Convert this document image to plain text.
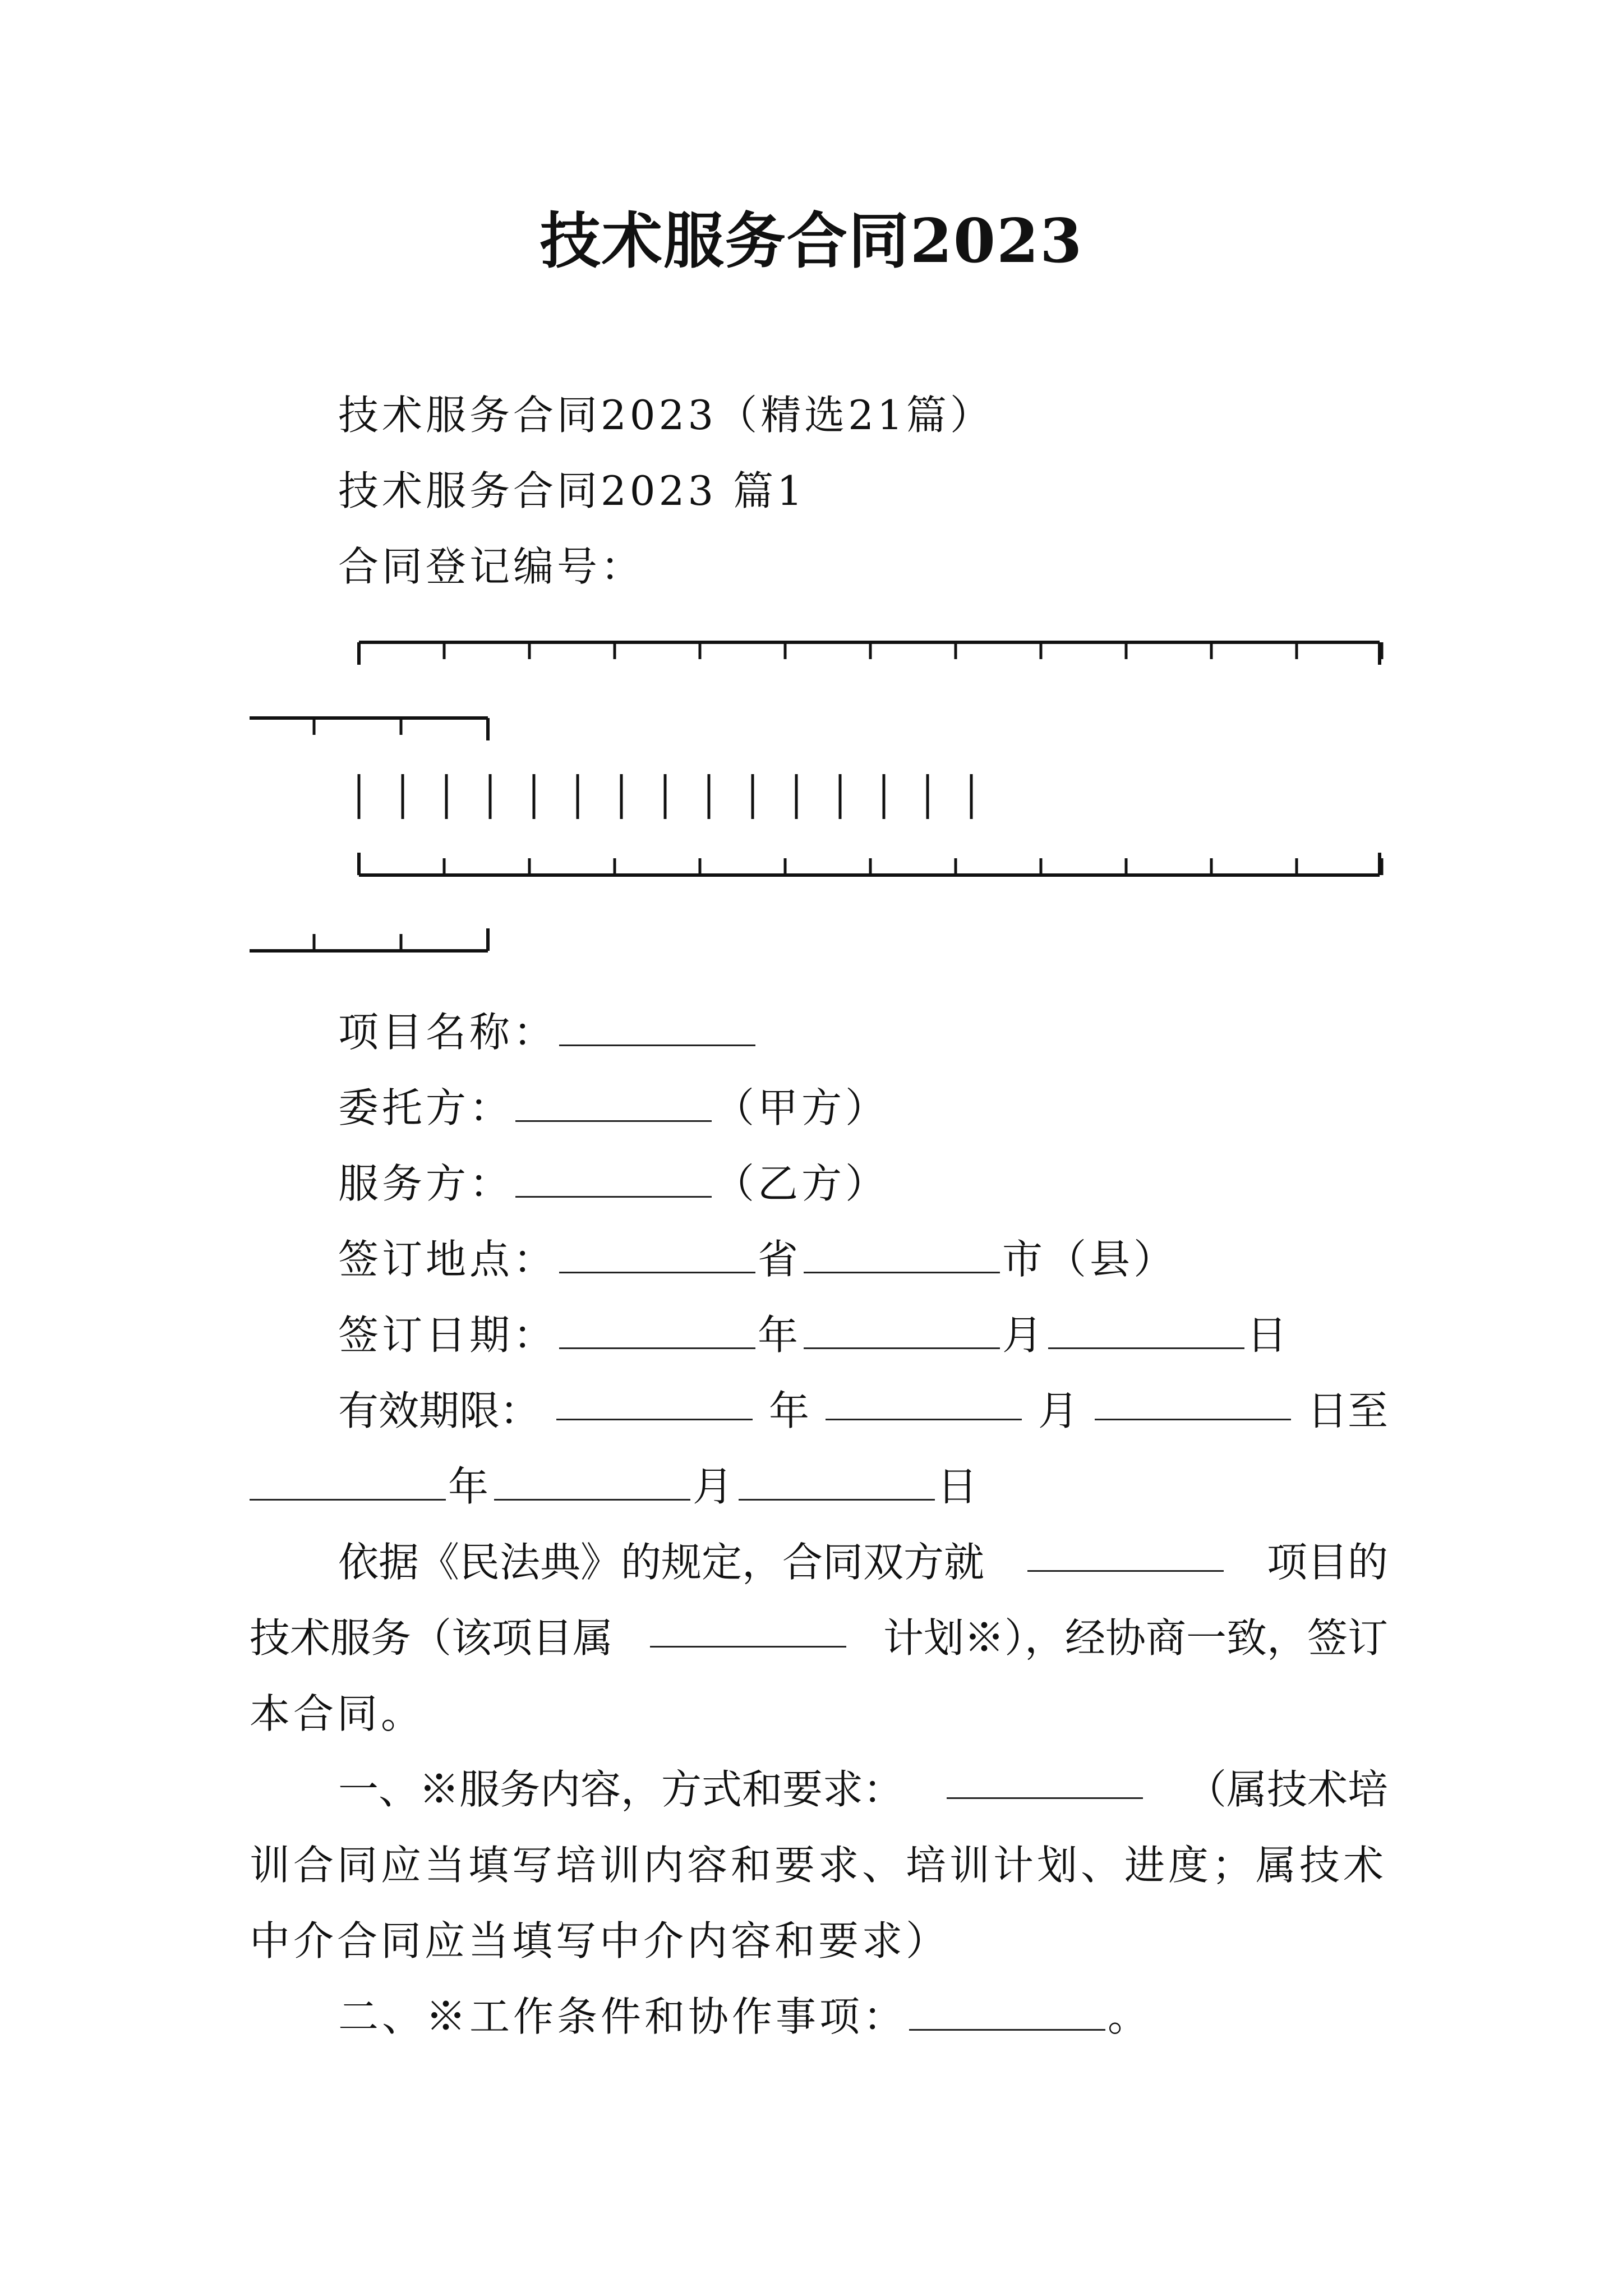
技术服务合同2023
技术服务合同2023（精选21篇）
技术服务合同2023 篇1
合同登记编号：
项目名称：
委托方：	（甲方）
服务方：	（乙方）
签订地点：	省	市（县）
签订日期：	年	月	日
有效期限：	年	月	日至
年	月	日
依据《民法典》的规定，合同双方就	项目的
技术服务（该项目属	计划※），经协商一致，签订
本合同。
一、※服务内容，方式和要求：	（属技术培
训合同应当填写培训内容和要求、培训计划、进度；属技术
中介合同应当填写中介内容和要求）
二、※工作条件和协作事项：	。
